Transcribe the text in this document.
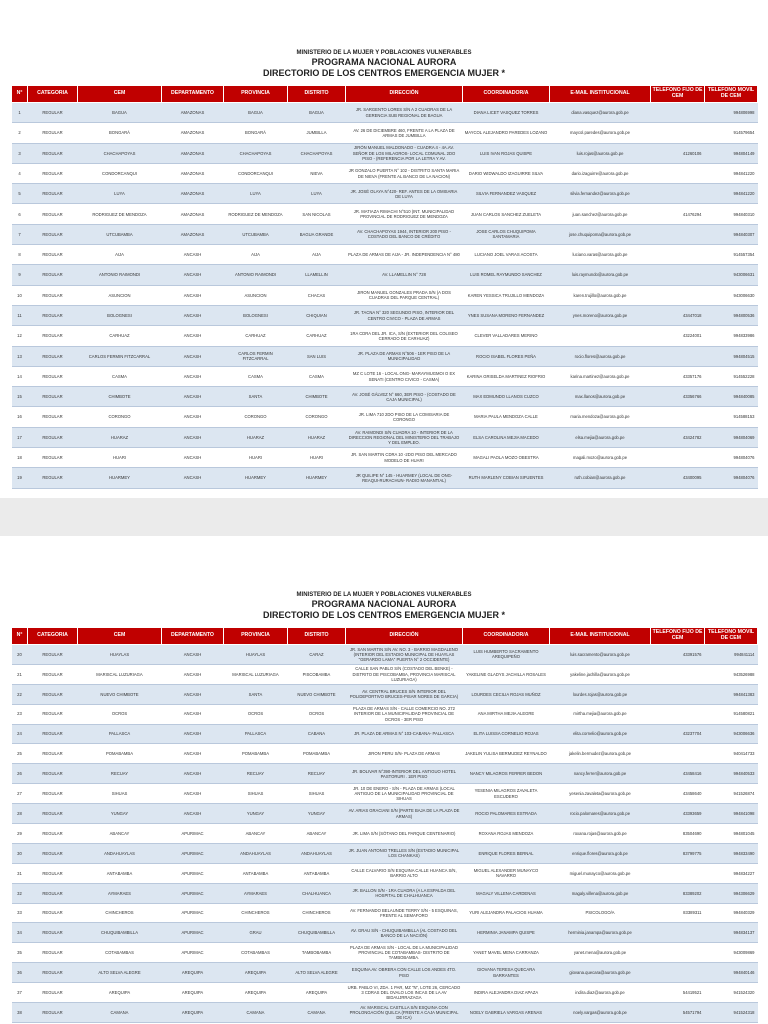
MINISTERIO DE LA MUJER Y POBLACIONES VULNERABLES
PROGRAMA NACIONAL AURORA
DIRECTORIO DE LOS CENTROS EMERGENCIA MUJER *
N°	CATEGORIA	CEM	DEPARTAMENTO	PROVINCIA	DISTRITO	DIRECCIÓN	COORDINADOR/A	E-MAIL INSTITUCIONAL	TELEFONO FIJO DE CEM	TELEFONO MOVIL DE CEM
1	REGULAR	BAGUA	AMAZONAS	BAGUA	BAGUA	JR. SARGENTO LORES S/N A 2 CUADRAS DE LA GERENCIA SUB REGIONAL DE BAGUA	DIANA LICET VASQUEZ TORRES	diana.vasquez@aurora.gob.pe		994806998
2	REGULAR	BONGARÁ	AMAZONAS	BONGARÁ	JUMBILLA	AV. 26 DE DICIEMBRE 460, FRENTE A LA PLAZA DE ARMAS DE JUMBILLA	MAYCOL ALEJANDRO PAREDES LOZANO	maycol.paredes@aurora.gob.pe		914579654
3	REGULAR	CHACHAPOYAS	AMAZONAS	CHACHAPOYAS	CHACHAPOYAS	JIRÓN MANUEL MALDONADO - CUADRA 4 - 4A.AV. SEÑOR DE LOS MILAGROS- LOCAL COMUNAL 2DO PISO - (REFERENCIA POR LA LETRA Y AV.	LUIS IVAN ROJAS QUISPE	luis.rojas@aurora.gob.pe	41260106	994804149
4	REGULAR	CONDORCANQUI	AMAZONAS	CONDORCANQUI	NIEVA	JR GONZALO PUERTA N° 102 - DISTRITO SANTA MARIA DE NIEVA (FRENTE AL BANCO DE LA NACION)	DARIO WIDWALDO IZAGUIRRE SILVA	dario.izaguirre@aurora.gob.pe		994841220
5	REGULAR	LUYA	AMAZONAS	LUYA	LUYA	JR. JOSÉ OLAYA N°420- REF. ANTES DE LA OMISARIA DE LUYA	SILVIA FERNANDEZ VASQUEZ	silvia.fernandez@aurora.gob.pe		994841220
6	REGULAR	RODRIGUEZ DE MENDOZA	AMAZONAS	RODRIGUEZ DE MENDOZA	SAN NICOLAS	JR. MATIAZA RIMACHI N°510 (INT. MUNICIPALIDAD PROVINCIAL DE RODRIGUEZ DE MENDOZA	JUAN CARLOS SANCHEZ ZUELETA	juan.sanchez@aurora.gob.pe	41476294	994840310
7	REGULAR	UTCUBAMBA	AMAZONAS	UTCUBAMBA	BAGUA GRANDE	AV. CHACHAPOYAS 1944, INTERIOR 200 PISO - COSTADO DEL BANCO DE CRÉDITO	JOSE CARLOS CHUQUIPOMA SANTAMARIA	jose.chuquipoma@aurora.gob.pe		994840307
8	REGULAR	AIJA	ANCASH	AIJA	AIJA	PLAZA DE ARMAS DE AIJA - JR. INDEPENDENCIA N° 480	LUCIANO JOEL VARAS ACOSTA	luciano.varas@aurora.gob.pe		914557354
9	REGULAR	ANTONIO RAIMONDI	ANCASH	ANTONIO RAIMONDI	LLAMELLIN	AV. LLAMELLIN N° 728	LUIS ROMEL RAYMUNDO SANCHEZ	luis.raymundo@aurora.gob.pe		943006631
10	REGULAR	ASUNCION	ANCASH	ASUNCION	CHACAS	JIRON MANUEL GONZALES PRADA S/N (A DOS CUADRAS DEL PARQUE CENTRAL)	KAREN YESSICA TRUJILLO MENDOZA	karen.trujillo@aurora.gob.pe		943006630
11	REGULAR	BOLOGNESI	ANCASH	BOLOGNESI	CHIQUIAN	JR. TACNA N° 320 SEGUNDO PISO, INTERIOR DEL CENTRO CIVICO - PLAZA DE ARMAS	YNES SUSANA MORENO FERNANDEZ	ynes.moreno@aurora.gob.pe	43447018	994800536
12	REGULAR	CARHUAZ	ANCASH	CARHUAZ	CARHUAZ	1RA CDRA DEL JR. ICA, S/N (EXTERIOR DEL COLISEO CERRADO DE CARHUAZ)	CLEVER VALLADARES MERINO		43224001	994833986
13	REGULAR	CARLOS FERMIN FITZCARRAL	ANCASH	CARLOS FERMIN FITZCARRAL	SAN LUIS	JR. PLAZA DE ARMAS N°506 - 1ER PISO DE LA MUNICIPALIDAD	ROCIO ISABEL FLORES PEÑA	rocio.flores@aurora.gob.pe		994804515
14	REGULAR	CASMA	ANCASH	CASMA	CASMA	MZ C LOTE 16 - LOCAL ONG- MARAYMUGMOI O EX SENATI (CENTRO CIVICO - CASMA)	KARINA GRISELDA MARTINEZ RIOFRIO	karina.martinez@aurora.gob.pe	43357176	914552228
15	REGULAR	CHIMBOTE	ANCASH	SANTA	CHIMBOTE	AV. JOSÉ GÁLVEZ N° 660, 3ER PISO - (COSTADO DE CAJA MUNICIPAL)	MAX EDMUNDO LLANOS CUZCO	max.llanos@aurora.gob.pe	43356766	994840085
16	REGULAR	CORONGO	ANCASH	CORONGO	CORONGO	JR. LIMA 710 2DO PISO DE LA COMISARIA DE CORONGO	MARIA PAULA MENDOZA CALLE	maria.mendoza@aurora.gob.pe		914588153
17	REGULAR	HUARAZ	ANCASH	HUARAZ	HUARAZ	AV. RAIMONDI S/N CUADRA 10 - INTERIOR DE LA DIRECCION REGIONAL DEL MINISTERIO DEL TRABAJO Y DEL EMPLEO.	ELSA CAROLINA MEJIA MACEDO	elsa.mejia@aurora.gob.pe	43424782	994804069
18	REGULAR	HUARI	ANCASH	HUARI	HUARI	JR. SAN MARTIN CDRA 10 -2DO PISO DEL MERCADO MODELO DE HUARI	MAGALI PAOLA MOZO OBESTRA	magali.mozo@aurora.gob.pe		994804076
19	REGULAR	HUARMEY	ANCASH	HUARMEY	HUARMEY	JR QUILIPE N° 145 - HUARMEY (LOCAL DE ONG-REAQUI-RURACHUN- RADIO MANANTIAL)	RUTH MARLENY COBIAN SIFUENTES	ruth.cobian@aurora.gob.pe	43400095	994804076
MINISTERIO DE LA MUJER Y POBLACIONES VULNERABLES
PROGRAMA NACIONAL AURORA
DIRECTORIO DE LOS CENTROS EMERGENCIA MUJER *
N°	CATEGORIA	CEM	DEPARTAMENTO	PROVINCIA	DISTRITO	DIRECCIÓN	COORDINADOR/A	E-MAIL INSTITUCIONAL	TELEFONO FIJO DE CEM	TELEFONO MOVIL DE CEM
20	REGULAR	HUAYLAS	ANCASH	HUAYLAS	CARAZ	JR. SAN MARTIN S/N AV. NO. 3 - BARRIO MAGDALENO (INTERIOR DEL ESTADIO MUNICIPAL DE HUAYLAS "GERARDO LAMA" PUERTA N° 2 OCCIDENTE)	LUIS HUMBERTO SACRAMENTO AREQUIPEÑO	luis.sacramento@aurora.gob.pe	43391576	994841114
21	REGULAR	MARISCAL LUZURIAGA	ANCASH	MARISCAL LUZURIAGA	PISCOBAMBA	CALLE SAN PABLO S/N (COSTADO DEL BENKE) - DISTRITO DE PISCOBAMBA, PROVINCIA MARISCAL LUZURIAGA)	YAKELINE GLADYS JACHILLA ROSALES	yakeline.jachilla@aurora.gob.pe		943526988
22	REGULAR	NUEVO CHIMBOTE	ANCASH	SANTA	NUEVO CHIMBOTE	AV. CENTRAL BRUCES S/N INTERIOR DEL POLIDEPORTIVO BRUCES-PISAR NORES DE GARCIA)	LOURDES CECILIA ROJAS MUÑOZ	lourdes.rojas@aurora.gob.pe		994841383
23	REGULAR	OCROS	ANCASH	OCROS	OCROS	PLAZA DE ARMAS S/N - CALLE COMERCIO NO. 272 INTERIOR DE LA MUNICIPALIDAD PROVINCIAL DE OCROS - 3ER PISO	ANA MIRTHA MEJIA ALEGRE	mirtha.mejia@aurora.gob.pe		914580821
24	REGULAR	PALLASCA	ANCASH	PALLASCA	CABANA	JR. PLAZA DE ARMAS N° 103-CABANA- PALLASCA	ELITA LUISSA CORNELIO ROJAS	elita.cornelio@aurora.gob.pe	43237704	943006636
25	REGULAR	POMABAMBA	ANCASH	POMABAMBA	POMABAMBA	JIRON PERU S/N- PLAZA DE ARMAS	JAKELIN YULISA BERMUDEZ REYNALDO	jakelin.bermudez@aurora.gob.pe		940414733
26	REGULAR	RECUAY	ANCASH	RECUAY	RECUAY	JR. BOLIVAR N°390-INTERIOR DEL ANTIGUO HOTEL PASTORURI . 1ER PISO	NANCY MILAGROS FERRER BEDON	nancy.ferrer@aurora.gob.pe	43458416	994840533
27	REGULAR	SIHUAS	ANCASH	SIHUAS	SIHUAS	JR. 10 DE ENERO - S/N - PLAZA DE ARMAS (LOCAL ANTIGUO DE LA MUNICIPALIDAD PROVINCIAL DE SIHUAS	YESENIA MILAGROS ZAVALETA ESCUDERO	yesenia.zavaleta@aurora.gob.pe	43458640	941526874
28	REGULAR	YUNGAY	ANCASH	YUNGAY	YUNGAY	AV. ARIAS GRACIANI S/N (PARTE BAJA DE LA PLAZA DE ARMAS)	ROCIO PALOMARES ESTRADA	rocio.palomares@aurora.gob.pe	43393659	994841098
29	REGULAR	ABANCAY	APURIMAC	ABANCAY	ABANCAY	JR. LIMA S/N (SÓTANO DEL PARQUE CENTENARIO)	ROXANA ROJAS MENDOZA	roxana.rojas@aurora.gob.pe	83504690	994801045
30	REGULAR	ANDAHUAYLAS	APURIMAC	ANDAHUAYLAS	ANDAHUAYLAS	JR. JUAN ANTONIO TRELLES S/N (ESTADIO MUNICIPAL LOS CHANKAS)	ENRIQUE FLORES BERNAL	enrique.flores@aurora.gob.pe	83799775	994833490
31	REGULAR	ANTABAMBA	APURIMAC	ANTABAMBA	ANTABAMBA	CALLE CALVARIO S/N ESQUINA CALLE HUANCA S/N, BARRIO ALTO	MIGUEL ALEXANDER MUNAYCO NAVARRO	miguel.munayco@aurora.gob.pe		994834227
32	REGULAR	AYMARAES	APURIMAC	AYMARAES	CHALHUANCA	JR. BALLON S/N - 1RA CUADRA (A LA ESPALDA DEL HOSPITAL DE CHALHUANCA	MAGALY VILLENA CARDENAS	magaly.villena@aurora.gob.pe	83389202	994306629
33	REGULAR	CHINCHEROS	APURIMAC	CHINCHEROS	CHINCHEROS	AV. FERNANDO BELAUNDE TERRY S/N - 5 ESQUINAS, FRENTE AL SEMAFORO	YURI ALEJANDRA PALACIOS HUAMA	PSICOLOGO/A	83389311	994840329
34	REGULAR	CHUQUIBAMBILLA	APURIMAC	GRAU	CHUQUIBAMBILLA	AV. GRAU S/N - CHUQUIBAMBILLA (AL COSTADO DEL BANCO DE LA NACIÓN)	HERMINIA JANAMPA QUISPE	herminia.janampa@aurora.gob.pe		994834137
35	REGULAR	COTABAMBAS	APURIMAC	COTABAMBAS	TAMBOBAMBA	PLAZA DE ARMAS S/N - LOCAL DE LA MUNICIPALIDAD PROVINCIAL DE COTABAMBAS- DISTRITO DE TAMBOBAMBA.	YANET MAVEL MENA CARRANZA	yanet.mena@aurora.gob.pe		943009869
36	REGULAR	ALTO SELVA ALEGRE	AREQUIPA	AREQUIPA	ALTO SELVA ALEGRE	ESQUINA AV. OBRERA CON CALLE LOS ANDES 4TO. PISO	GIOVANA TERESA QUECARA BARRANTES	giovana.quecara@aurora.gob.pe		994840146
37	REGULAR	AREQUIPA	AREQUIPA	AREQUIPA	AREQUIPA	URB. PABLO VI, ZDA. 1 PAR, MZ "N", LOTE 26, CERCADO 3 CDRAS DEL OVALO LOS INCAS DE LA AV BIDAUJRRAZAGA	INDIRA ALEJANDRA DIAZ APAZA	indira.diaz@aurora.gob.pe	54419521	941524320
38	REGULAR	CAMANA	AREQUIPA	CAMANA	CAMANA	AV. MARISCAL CASTILLA S/N ESQUINA CON PROLONGACIÓN QUILCA (FRENTE A CAJA MUNICIPAL DE ICA)	NOELY GABRIELA VARGAS ARENAS	noely.vargas@aurora.gob.pe	54571794	941524318
